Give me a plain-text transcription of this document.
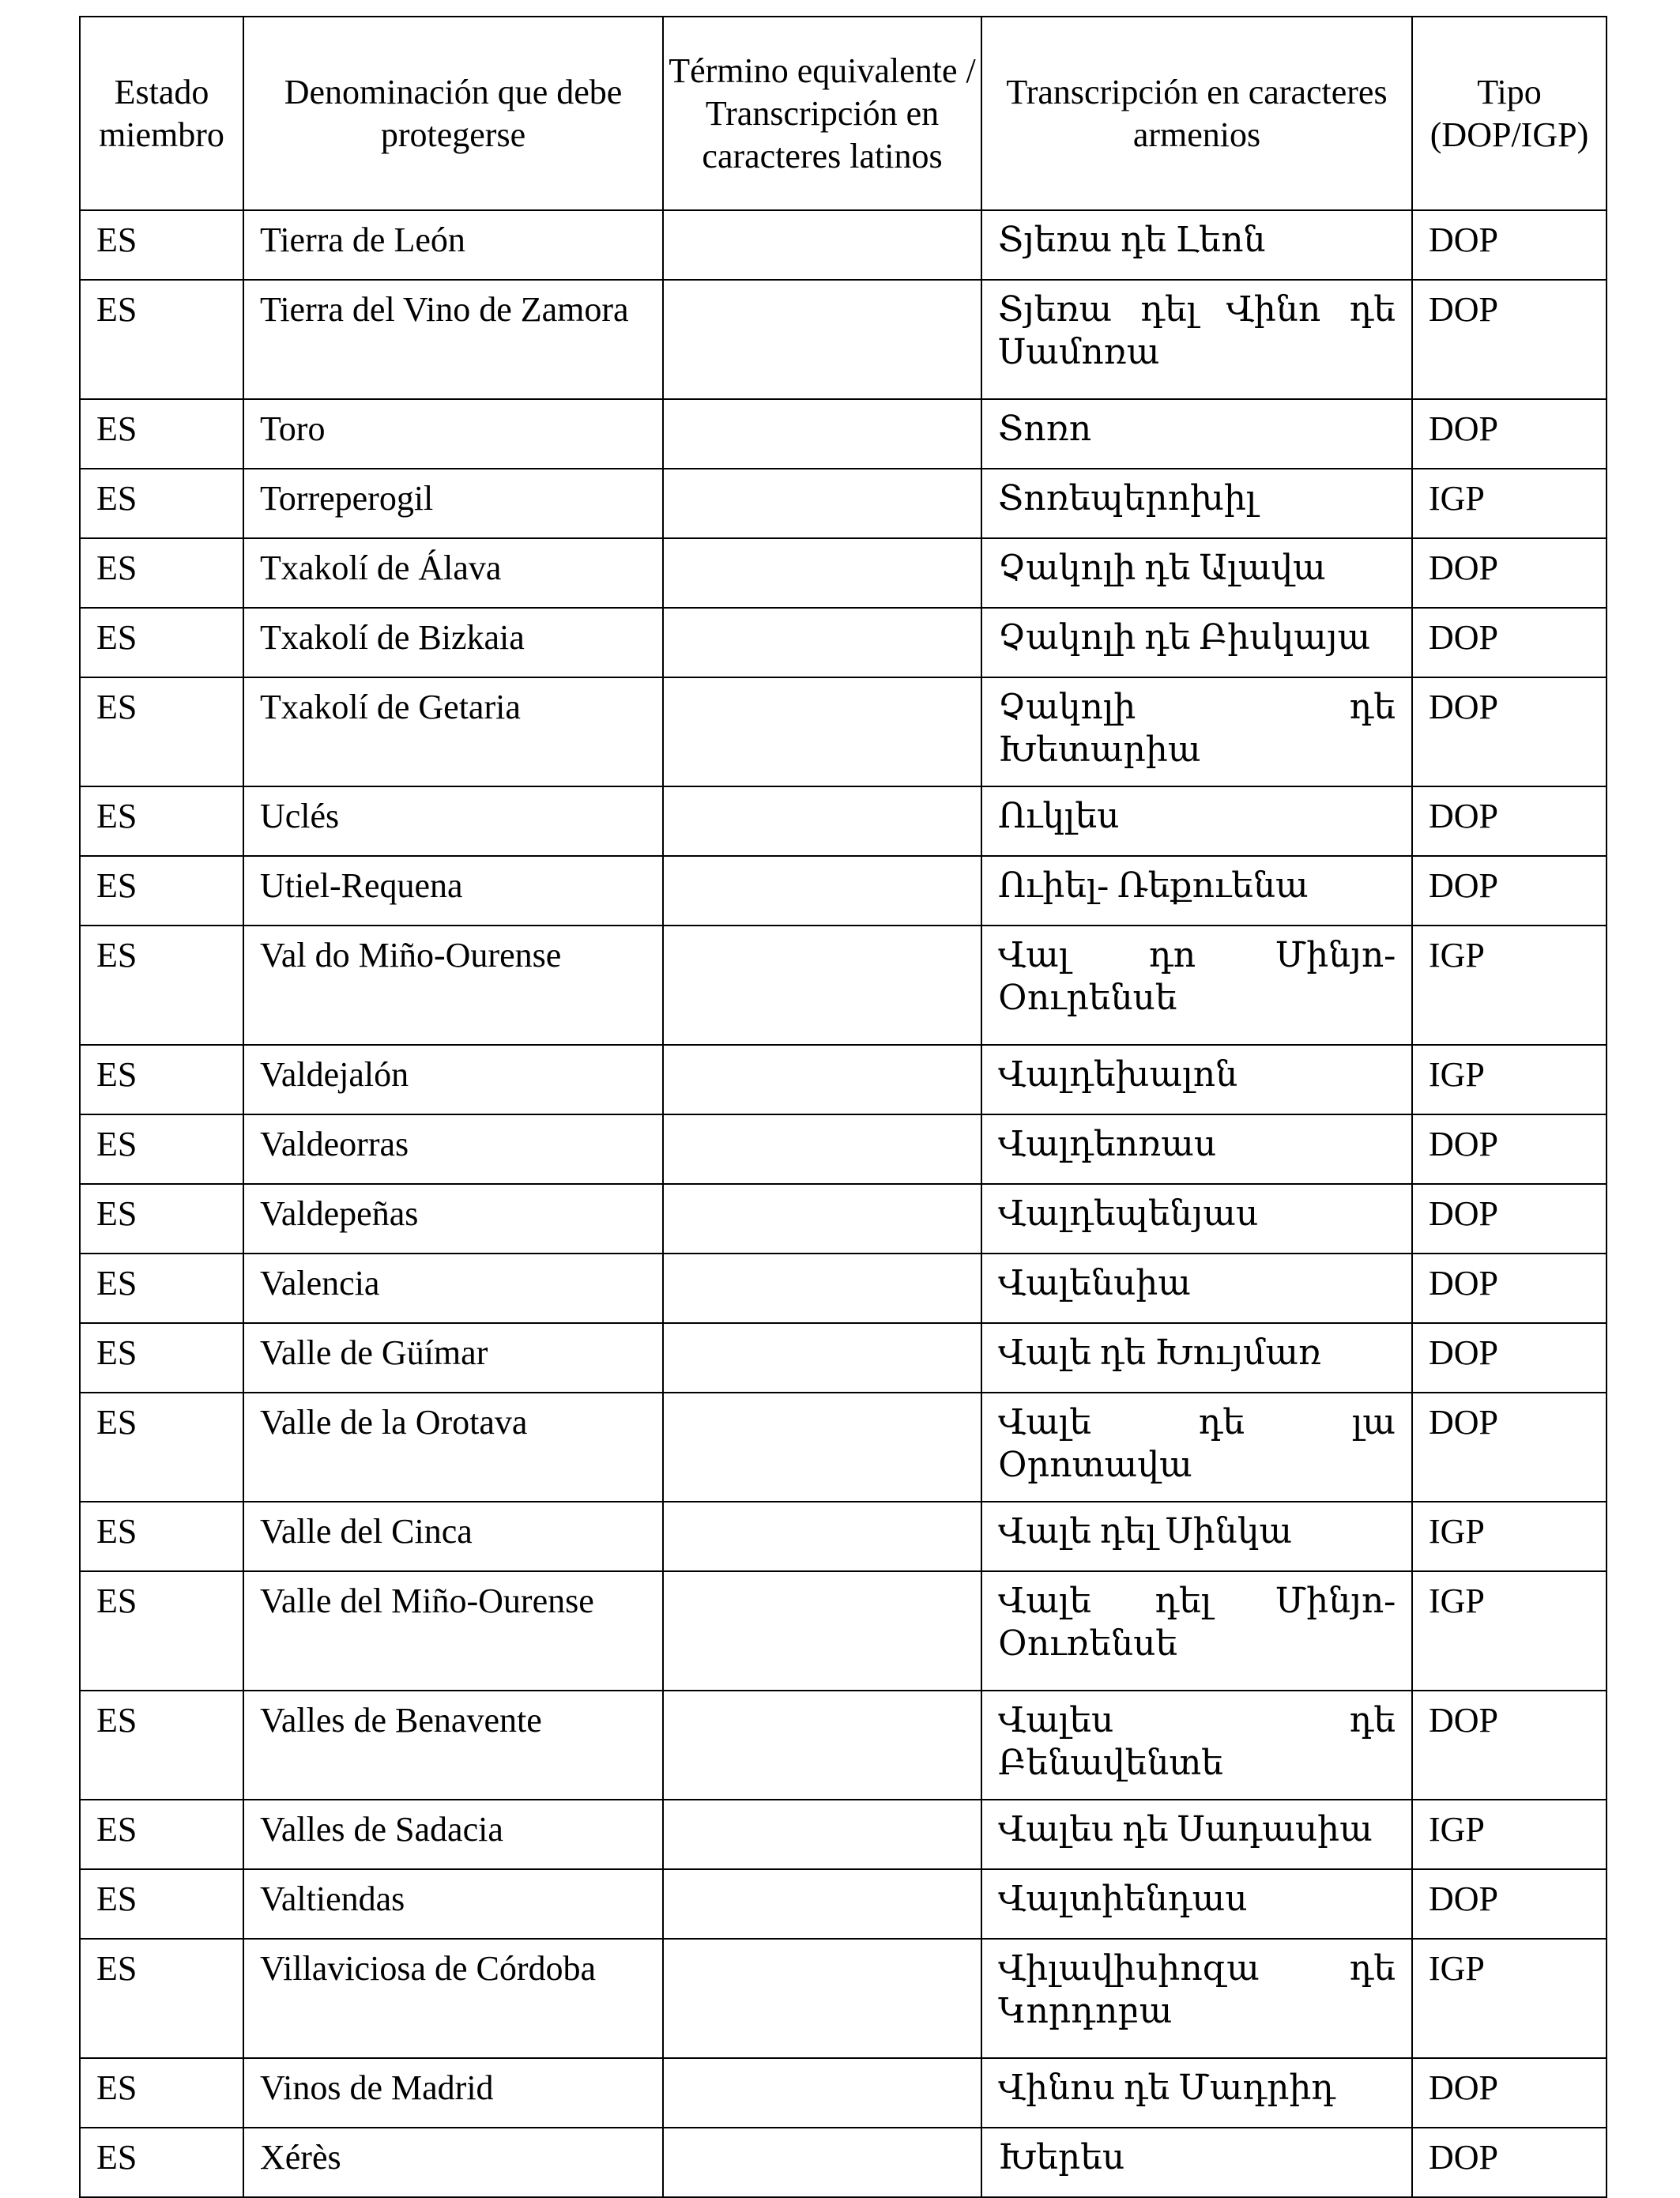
Estado miembro	Denominación que debe protegerse	Término equivalente / Transcripción en caracteres latinos	Transcripción en caracteres armenios	Tipo (DOP/IGP)
ES	Tierra de León		Տյեռա դե Լեոն	DOP
ES	Tierra del Vino de Zamora		Տյեռա դել Վինո դե Սամոռա	DOP
ES	Toro		Տոռո	DOP
ES	Torreperogil		Տոռեպերոխիլ	IGP
ES	Txakolí de Álava		Չակոլի դե Ալավա	DOP
ES	Txakolí de Bizkaia		Չակոլի դե Բիսկայա	DOP
ES	Txakolí de Getaria		Չակոլի դե Խետարիա	DOP
ES	Uclés		Ուկլես	DOP
ES	Utiel-Requena		Ուիել- Ռեքուենա	DOP
ES	Val do Miño-Ourense		Վալ դո Մինյո-Օուրենսե	IGP
ES	Valdejalón		Վալդեխալոն	IGP
ES	Valdeorras		Վալդեոռաս	DOP
ES	Valdepeñas		Վալդեպենյաս	DOP
ES	Valencia		Վալենսիա	DOP
ES	Valle de Güímar		Վալե դե Խույմառ	DOP
ES	Valle de la Orotava		Վալե դե լա Օրոտավա	DOP
ES	Valle del Cinca		Վալե դել Սինկա	IGP
ES	Valle del Miño-Ourense		Վալե դել Մինյո-Օուռենսե	IGP
ES	Valles de Benavente		Վալես դե Բենավենտե	DOP
ES	Valles de Sadacia		Վալես դե Սադասիա	IGP
ES	Valtiendas		Վալտիենդաս	DOP
ES	Villaviciosa de Córdoba		Վիլավիսիոզա դե Կորդոբա	IGP
ES	Vinos de Madrid		Վինոս դե Մադրիդ	DOP
ES	Xérès		Խերես	DOP
